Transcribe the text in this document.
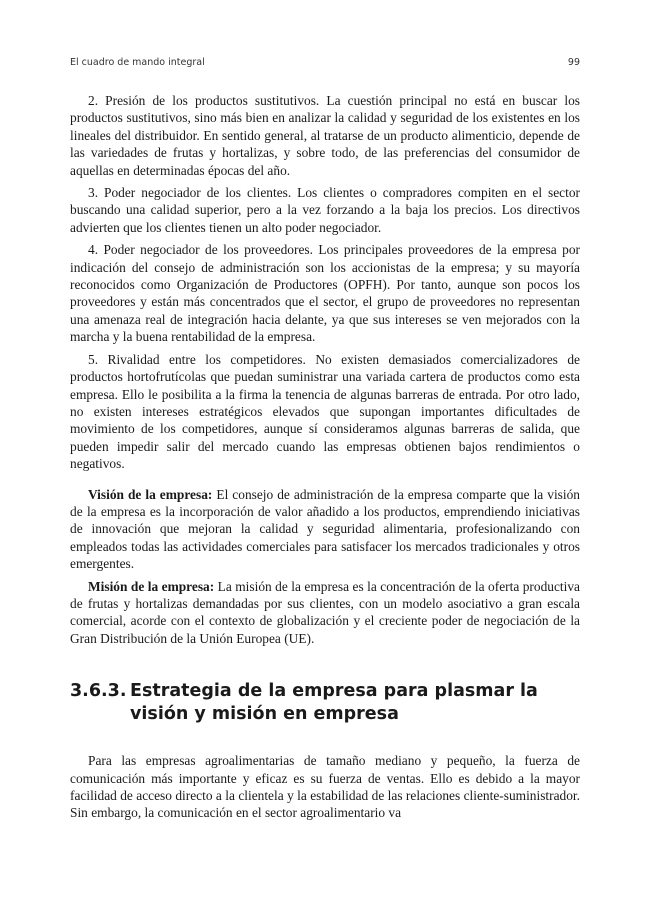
El cuadro de mando integral	99

2. Presión de los productos sustitutivos. La cuestión principal no está en buscar los productos sustitutivos, sino más bien en analizar la calidad y seguridad de los existentes en los lineales del distribuidor. En sentido general, al tratarse de un producto alimenticio, depende de las variedades de frutas y hortalizas, y sobre todo, de las preferencias del consumidor de aquellas en determinadas épocas del año.

3. Poder negociador de los clientes. Los clientes o compradores compiten en el sector buscando una calidad superior, pero a la vez forzando a la baja los precios. Los directivos advierten que los clientes tienen un alto poder negociador.

4. Poder negociador de los proveedores. Los principales proveedores de la empresa por indicación del consejo de administración son los accionistas de la empresa; y su mayoría reconocidos como Organización de Productores (OPFH). Por tanto, aunque son pocos los proveedores y están más concentrados que el sector, el grupo de proveedores no representan una amenaza real de integración hacia delante, ya que sus intereses se ven mejorados con la marcha y la buena rentabilidad de la empresa.

5. Rivalidad entre los competidores. No existen demasiados comercializadores de productos hortofrutícolas que puedan suministrar una variada cartera de productos como esta empresa. Ello le posibilita a la firma la tenencia de algunas barreras de entrada. Por otro lado, no existen intereses estratégicos elevados que supongan importantes dificultades de movimiento de los competidores, aunque sí consideramos algunas barreras de salida, que pueden impedir salir del mercado cuando las empresas obtienen bajos rendimientos o negativos.

Visión de la empresa: El consejo de administración de la empresa comparte que la visión de la empresa es la incorporación de valor añadido a los productos, emprendiendo iniciativas de innovación que mejoran la calidad y seguridad alimentaria, profesionalizando con empleados todas las actividades comerciales para satisfacer los mercados tradicionales y otros emergentes.

Misión de la empresa: La misión de la empresa es la concentración de la oferta productiva de frutas y hortalizas demandadas por sus clientes, con un modelo asociativo a gran escala comercial, acorde con el contexto de globalización y el creciente poder de negociación de la Gran Distribución de la Unión Europea (UE).

3.6.3. Estrategia de la empresa para plasmar la visión y misión en empresa

Para las empresas agroalimentarias de tamaño mediano y pequeño, la fuerza de comunicación más importante y eficaz es su fuerza de ventas. Ello es debido a la mayor facilidad de acceso directo a la clientela y la estabilidad de las relaciones cliente-suministrador. Sin embargo, la comunicación en el sector agroalimentario va
